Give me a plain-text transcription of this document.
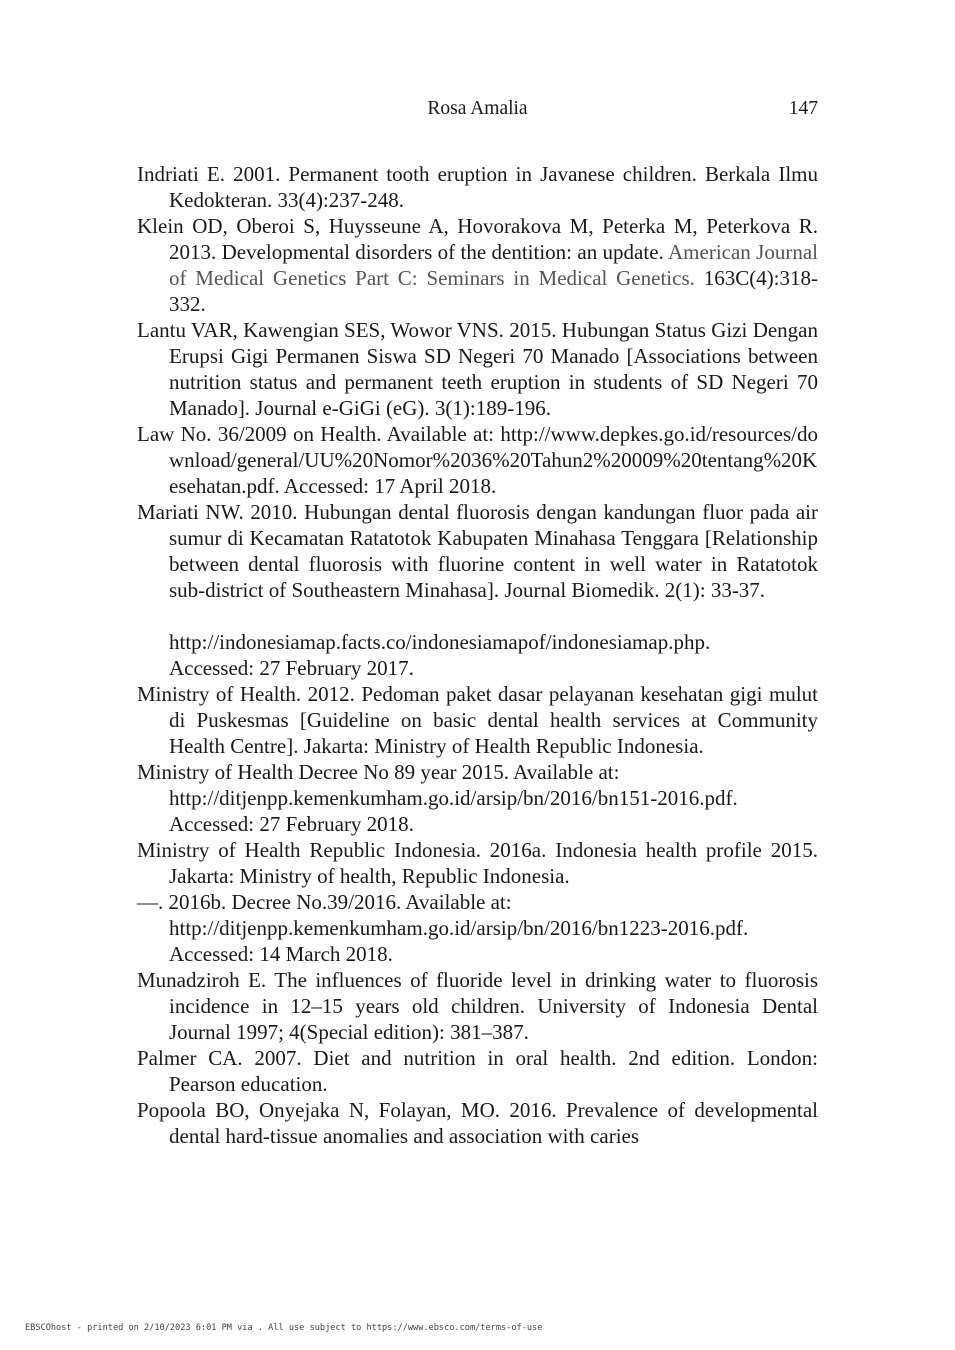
Rosa Amalia	147

Indriati E. 2001. Permanent tooth eruption in Javanese children. Berkala Ilmu Kedokteran. 33(4):237-248.

Klein OD, Oberoi S, Huysseune A, Hovorakova M, Peterka M, Peterkova R. 2013. Developmental disorders of the dentition: an update. American Journal of Medical Genetics Part C: Seminars in Medical Genetics. 163C(4):318-332.

Lantu VAR, Kawengian SES, Wowor VNS. 2015. Hubungan Status Gizi Dengan Erupsi Gigi Permanen Siswa SD Negeri 70 Manado [Associations between nutrition status and permanent teeth eruption in students of SD Negeri 70 Manado]. Journal e-GiGi (eG). 3(1):189-196.

Law No. 36/2009 on Health. Available at: http://www.depkes.go.id/resources/download/general/UU%20Nomor%2036%20Tahun2%20009%20tentang%20Kesehatan.pdf. Accessed: 17 April 2018.

Mariati NW. 2010. Hubungan dental fluorosis dengan kandungan fluor pada air sumur di Kecamatan Ratatotok Kabupaten Minahasa Tenggara [Relationship between dental fluorosis with fluorine content in well water in Ratatotok sub-district of Southeastern Minahasa]. Journal Biomedik. 2(1): 33-37.

http://indonesiamap.facts.co/indonesiamapof/indonesiamap.php.

Accessed: 27 February 2017.

Ministry of Health. 2012. Pedoman paket dasar pelayanan kesehatan gigi mulut di Puskesmas [Guideline on basic dental health services at Community Health Centre]. Jakarta: Ministry of Health Republic Indonesia.

Ministry of Health Decree No 89 year 2015. Available at:
http://ditjenpp.kemenkumham.go.id/arsip/bn/2016/bn151-2016.pdf.
Accessed: 27 February 2018.

Ministry of Health Republic Indonesia. 2016a. Indonesia health profile 2015. Jakarta: Ministry of health, Republic Indonesia.

—. 2016b. Decree No.39/2016. Available at:
http://ditjenpp.kemenkumham.go.id/arsip/bn/2016/bn1223-2016.pdf.
Accessed: 14 March 2018.

Munadziroh E. The influences of fluoride level in drinking water to fluorosis incidence in 12–15 years old children. University of Indonesia Dental Journal 1997; 4(Special edition): 381–387.

Palmer CA. 2007. Diet and nutrition in oral health. 2nd edition. London: Pearson education.

Popoola BO, Onyejaka N, Folayan, MO. 2016. Prevalence of developmental dental hard-tissue anomalies and association with caries

EBSCOhost - printed on 2/10/2023 6:01 PM via . All use subject to https://www.ebsco.com/terms-of-use
